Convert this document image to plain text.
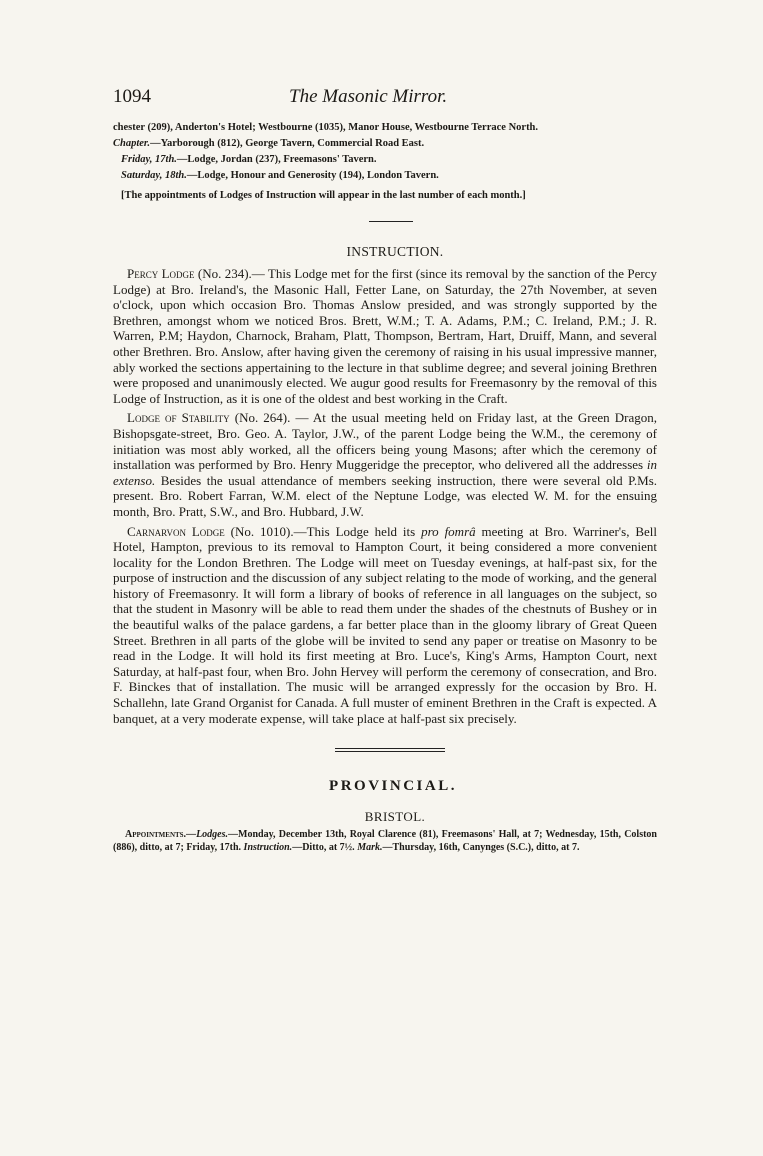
1094	The Masonic Mirror.

chester (209), Anderton's Hotel; Westbourne (1035), Manor House, Westbourne Terrace North.

Chapter.—Yarborough (812), George Tavern, Commercial Road East.

Friday, 17th.—Lodge, Jordan (237), Freemasons' Tavern.

Saturday, 18th.—Lodge, Honour and Generosity (194), London Tavern.

[The appointments of Lodges of Instruction will appear in the last number of each month.]

INSTRUCTION.

Percy Lodge (No. 234).— This Lodge met for the first (since its removal by the sanction of the Percy Lodge) at Bro. Ireland's, the Masonic Hall, Fetter Lane, on Saturday, the 27th November, at seven o'clock, upon which occasion Bro. Thomas Anslow presided, and was strongly supported by the Brethren, amongst whom we noticed Bros. Brett, W.M.; T. A. Adams, P.M.; C. Ireland, P.M.; J. R. Warren, P.M; Haydon, Charnock, Braham, Platt, Thompson, Bertram, Hart, Druiff, Mann, and several other Brethren. Bro. Anslow, after having given the ceremony of raising in his usual impressive manner, ably worked the sections appertaining to the lecture in that sublime degree; and several joining Brethren were proposed and unanimously elected. We augur good results for Freemasonry by the removal of this Lodge of Instruction, as it is one of the oldest and best working in the Craft.

Lodge of Stability (No. 264). — At the usual meeting held on Friday last, at the Green Dragon, Bishopsgate-street, Bro. Geo. A. Taylor, J.W., of the parent Lodge being the W.M., the ceremony of initiation was most ably worked, all the officers being young Masons; after which the ceremony of installation was performed by Bro. Henry Muggeridge the preceptor, who delivered all the addresses in extenso. Besides the usual attendance of members seeking instruction, there were several old P.Ms. present. Bro. Robert Farran, W.M. elect of the Neptune Lodge, was elected W. M. for the ensuing month, Bro. Pratt, S.W., and Bro. Hubbard, J.W.

Carnarvon Lodge (No. 1010).—This Lodge held its pro fomrâ meeting at Bro. Warriner's, Bell Hotel, Hampton, previous to its removal to Hampton Court, it being considered a more convenient locality for the London Brethren. The Lodge will meet on Tuesday evenings, at half-past six, for the purpose of instruction and the discussion of any subject relating to the mode of working, and the general history of Freemasonry. It will form a library of books of reference in all languages on the subject, so that the student in Masonry will be able to read them under the shades of the chestnuts of Bushey or in the beautiful walks of the palace gardens, a far better place than in the gloomy library of Great Queen Street. Brethren in all parts of the globe will be invited to send any paper or treatise on Masonry to be read in the Lodge. It will hold its first meeting at Bro. Luce's, King's Arms, Hampton Court, next Saturday, at half-past four, when Bro. John Hervey will perform the ceremony of consecration, and Bro. F. Binckes that of installation. The music will be arranged expressly for the occasion by Bro. H. Schallehn, late Grand Organist for Canada. A full muster of eminent Brethren in the Craft is expected. A banquet, at a very moderate expense, will take place at half-past six precisely.

PROVINCIAL.
BRISTOL.

Appointments.—Lodges.—Monday, December 13th, Royal Clarence (81), Freemasons' Hall, at 7; Wednesday, 15th, Colston (886), ditto, at 7; Friday, 17th. Instruction.—Ditto, at 7½. Mark.—Thursday, 16th, Canynges (S.C.), ditto, at 7.
